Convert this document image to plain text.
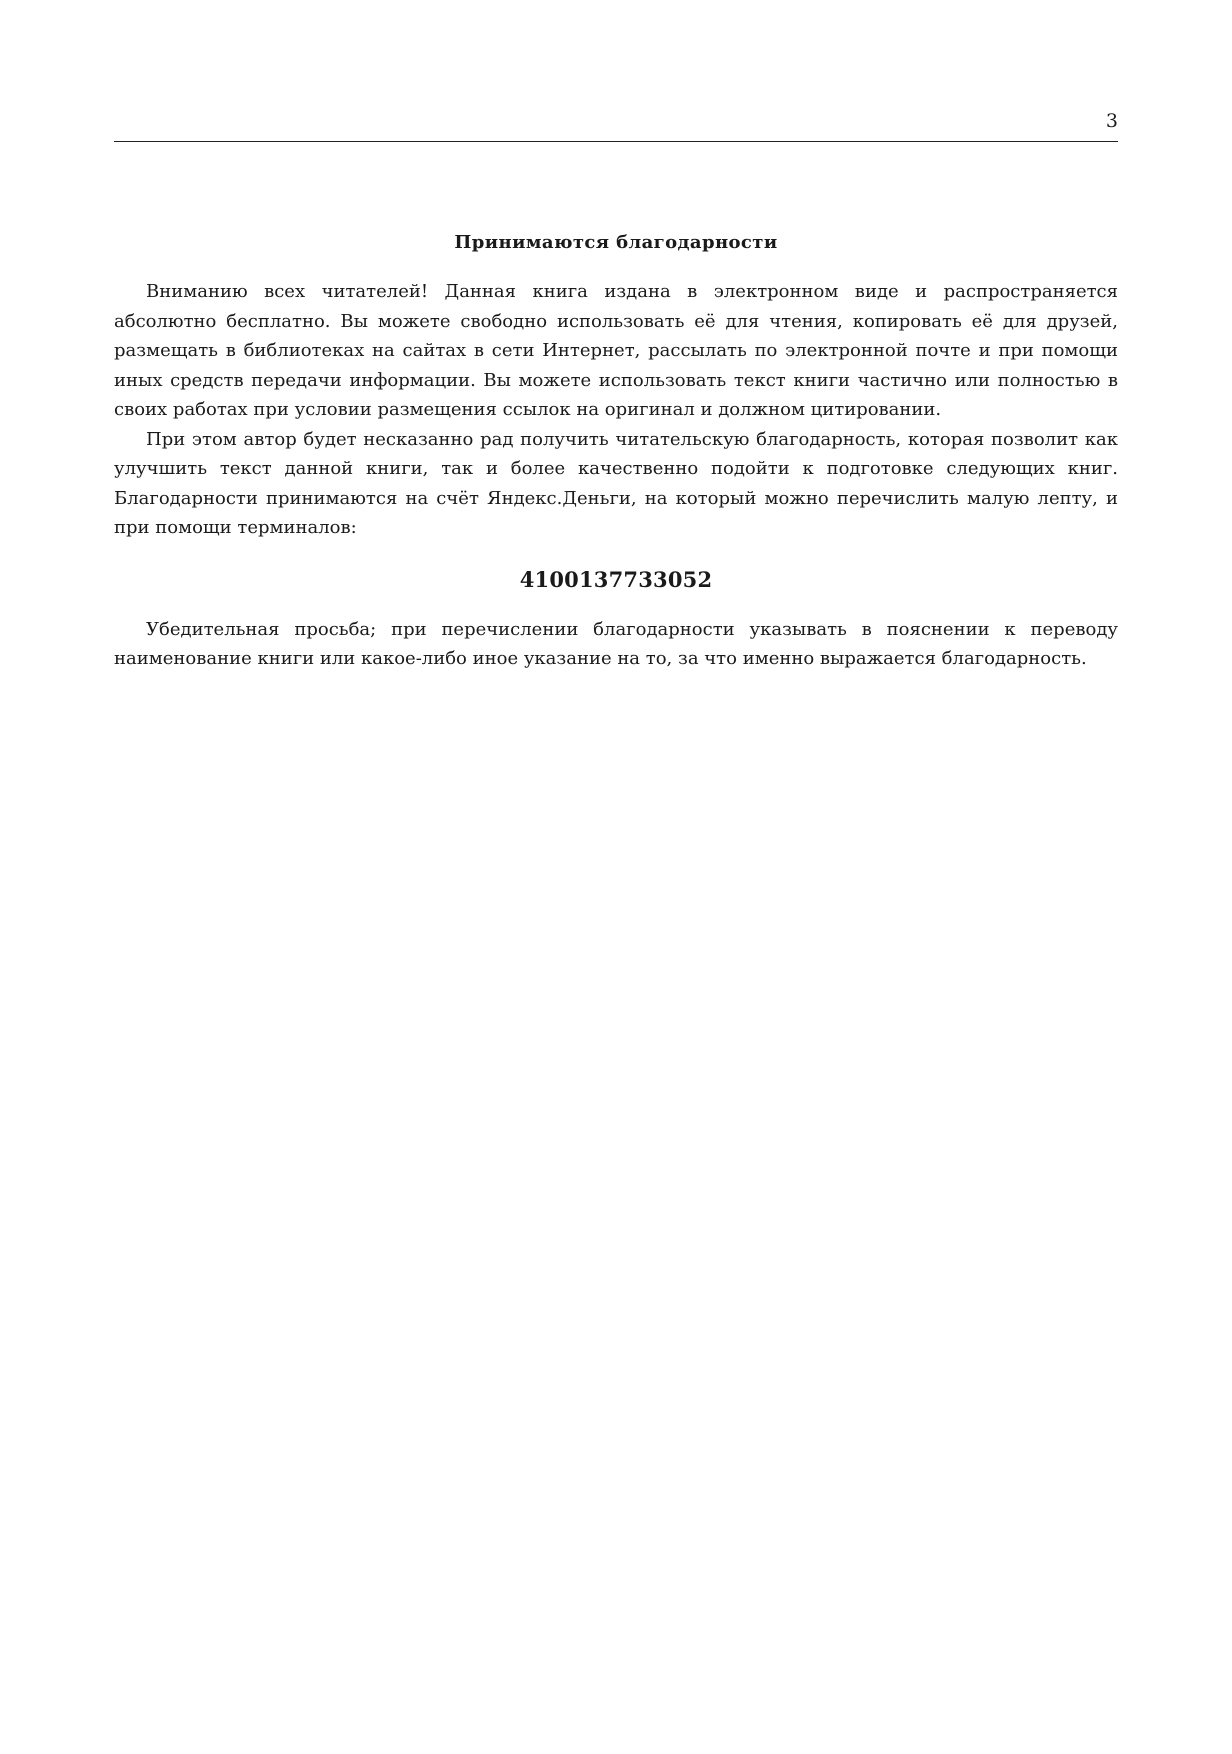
3
Принимаются благодарности

Вниманию всех читателей! Данная книга издана в электронном виде и распространяется абсолютно бесплатно. Вы можете свободно использовать её для чтения, копировать её для друзей, размещать в библиотеках на сайтах в сети Интернет, рассылать по электронной почте и при помощи иных средств передачи информации. Вы можете использовать текст книги частично или полностью в своих работах при условии размещения ссылок на оригинал и должном цитировании.

При этом автор будет несказанно рад получить читательскую благодарность, которая позволит как улучшить текст данной книги, так и более качественно подойти к подготовке следующих книг. Благодарности принимаются на счёт Яндекс.Деньги, на который можно перечислить малую лепту, и при помощи терминалов:

4100137733052

Убедительная просьба; при перечислении благодарности указывать в пояснении к переводу наименование книги или какое-либо иное указание на то, за что именно выражается благодарность.
